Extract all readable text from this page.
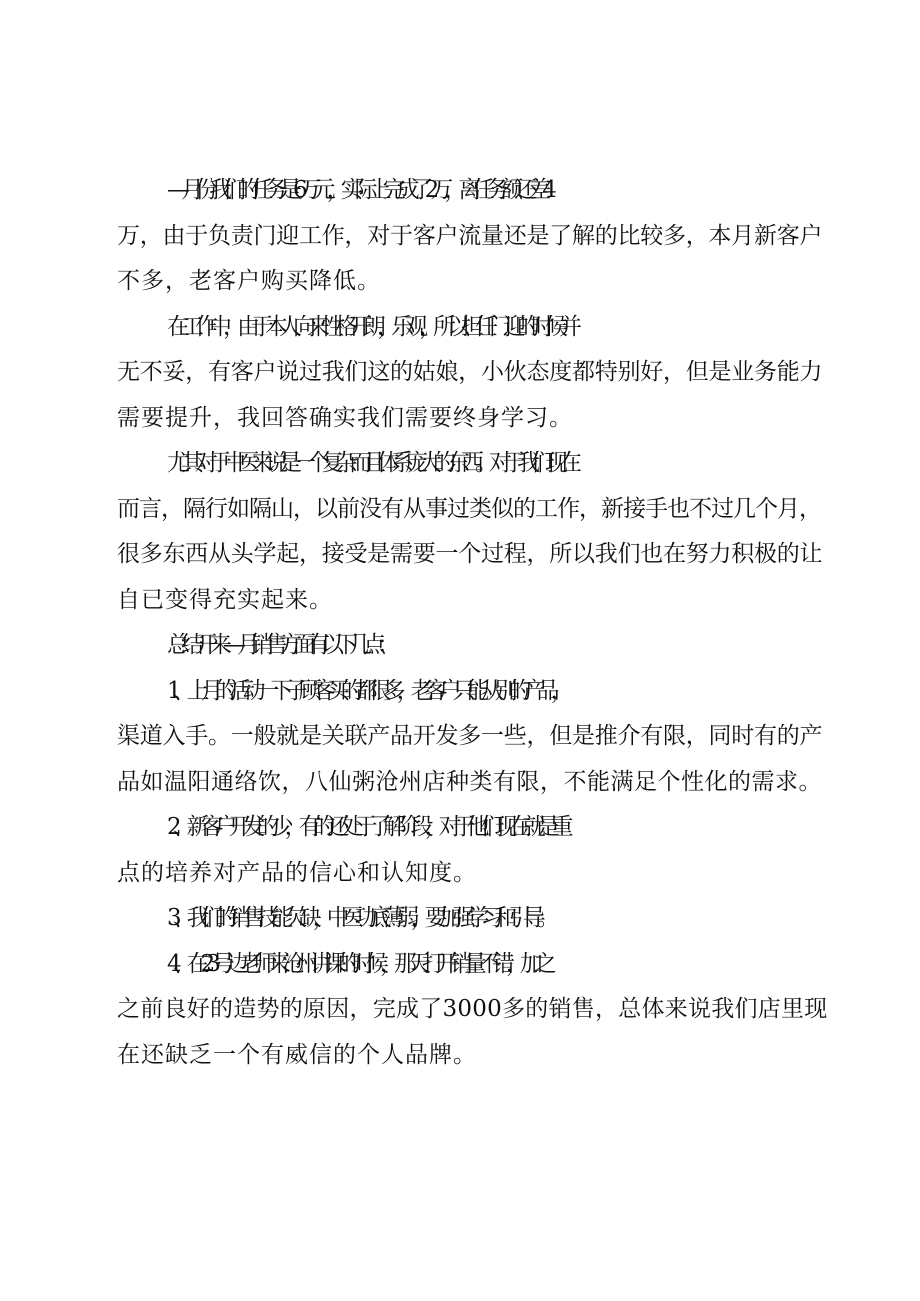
—月份我们的任务是6万元，实际上完成了2万，离任务额还差4
万，由于负责门迎工作，对于客户流量还是了解的比较多，本月新客户
不多，老客户购买降低。

在工作中，由于本人向来性格开朗，乐观，所以担任门迎的时候并
无不妥，有客户说过我们这的姑娘，小伙态度都特别好，但是业务能力
需要提升，我回答确实我们需要终身学习。

尤其对于中医来说是一个复杂而且体系庞大的东西。对于我们现在
而言，隔行如隔山，以前没有从事过类似的工作，新接手也不过几个月，
很多东西从头学起，接受是需要一个过程，所以我们也在努力积极的让
自已变得充实起来。

总结开来—月销售方面有以下几点：

1、上月的活动一下子顾客买的都很多，老客户只能从别的产品，
渠道入手。一般就是关联产品开发多一些，但是推介有限，同时有的产
品如温阳通络饮，八仙粥沧州店种类有限，不能满足个性化的需求。

2、新客户开发的少，有的还处于了解阶段，对于他们现在就是重
点的培养对产品的信心和认知度。

3、我们的销售技能欠缺，中医功底薄弱，要加强学习和引导。

4、在23号边老师来沧州讲课的时候，那天打开销量不错，加之
之前良好的造势的原因，完成了3000多的销售，总体来说我们店里现
在还缺乏一个有威信的个人品牌。
